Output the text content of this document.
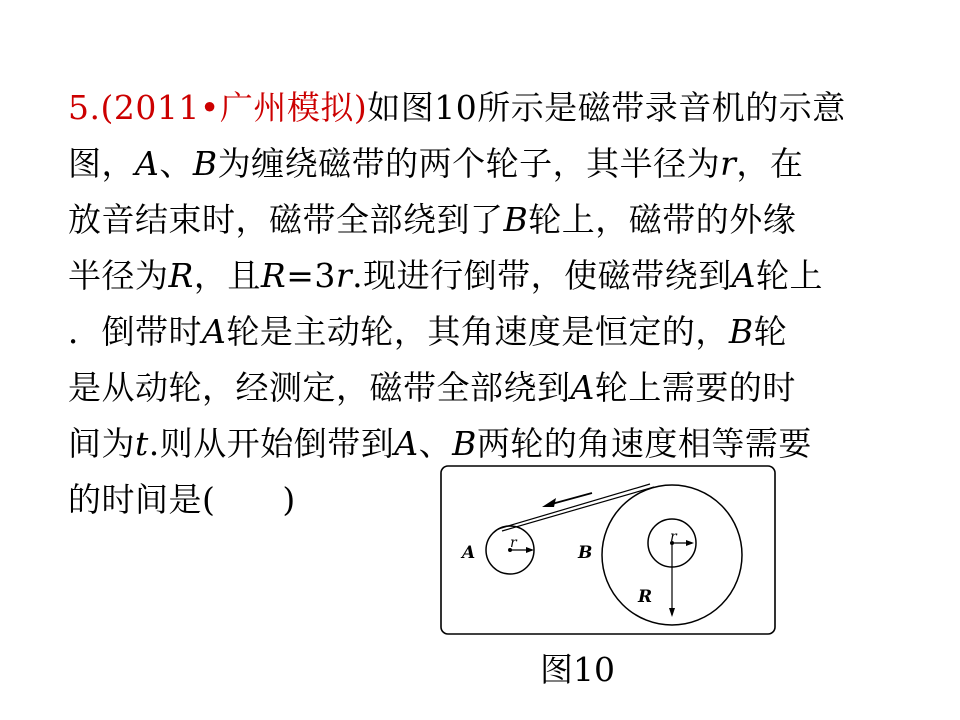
5.(2011•广州模拟)如图10所示是磁带录音机的示意
图，A、B为缠绕磁带的两个轮子，其半径为r，在
放音结束时，磁带全部绕到了B轮上，磁带的外缘
半径为R，且R=3r.现进行倒带，使磁带绕到A轮上
．倒带时A轮是主动轮，其角速度是恒定的，B轮
是从动轮，经测定，磁带全部绕到A轮上需要的时
间为t.则从开始倒带到A、B两轮的角速度相等需要
的时间是(　　)
A r	B
r
R
图10
